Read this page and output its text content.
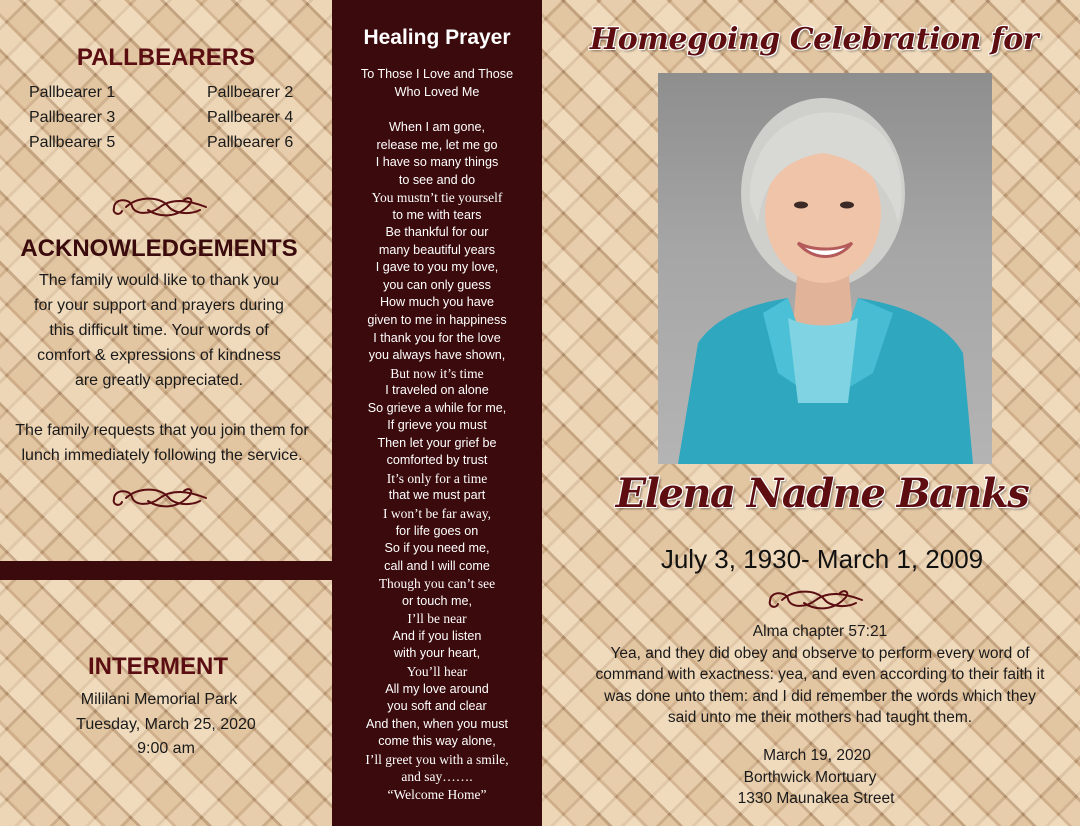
PALLBEARERS
Pallbearer 1	Pallbearer 2
Pallbearer 3	Pallbearer 4
Pallbearer 5	Pallbearer 6
ACKNOWLEDGEMENTS
The family would like to thank you
for your support and prayers during
this difficult time. Your words of
comfort & expressions of kindness
are greatly appreciated.
The family requests that you join them for
lunch immediately following the service.
INTERMENT
Mililani Memorial Park
Tuesday, March 25, 2020
9:00 am
Healing Prayer

To Those I Love and Those

Who Loved Me

When I am gone,

release me, let me go

I have so many things

to see and do

You mustn’t tie yourself

to me with tears

Be thankful for our

many beautiful years

I gave to you my love,

you can only guess

How much you have

given to me in happiness

I thank you for the love

you always have shown,

But now it’s time

I traveled on alone

So grieve a while for me,

If grieve you must

Then let your grief be

comforted by trust

It’s only for a time

that we must part

I won’t be far away,

for life goes on

So if you need me,

call and I will come

Though you can’t see

or touch me,

I’ll be near

And if you listen

with your heart,

You’ll hear

All my love around

you soft and clear

And then, when you must

come this way alone,

I’ll greet you with a smile,

and say…….

“Welcome Home”

Homegoing Celebration for
Elena Nadne Banks
July 3, 1930- March 1, 2009
Alma chapter 57:21
Yea, and they did obey and observe to perform every word of
command with exactness: yea, and even according to their faith it
was done unto them: and I did remember the words which they
said unto me their mothers had taught them.
March 19, 2020
Borthwick Mortuary
1330 Maunakea Street
